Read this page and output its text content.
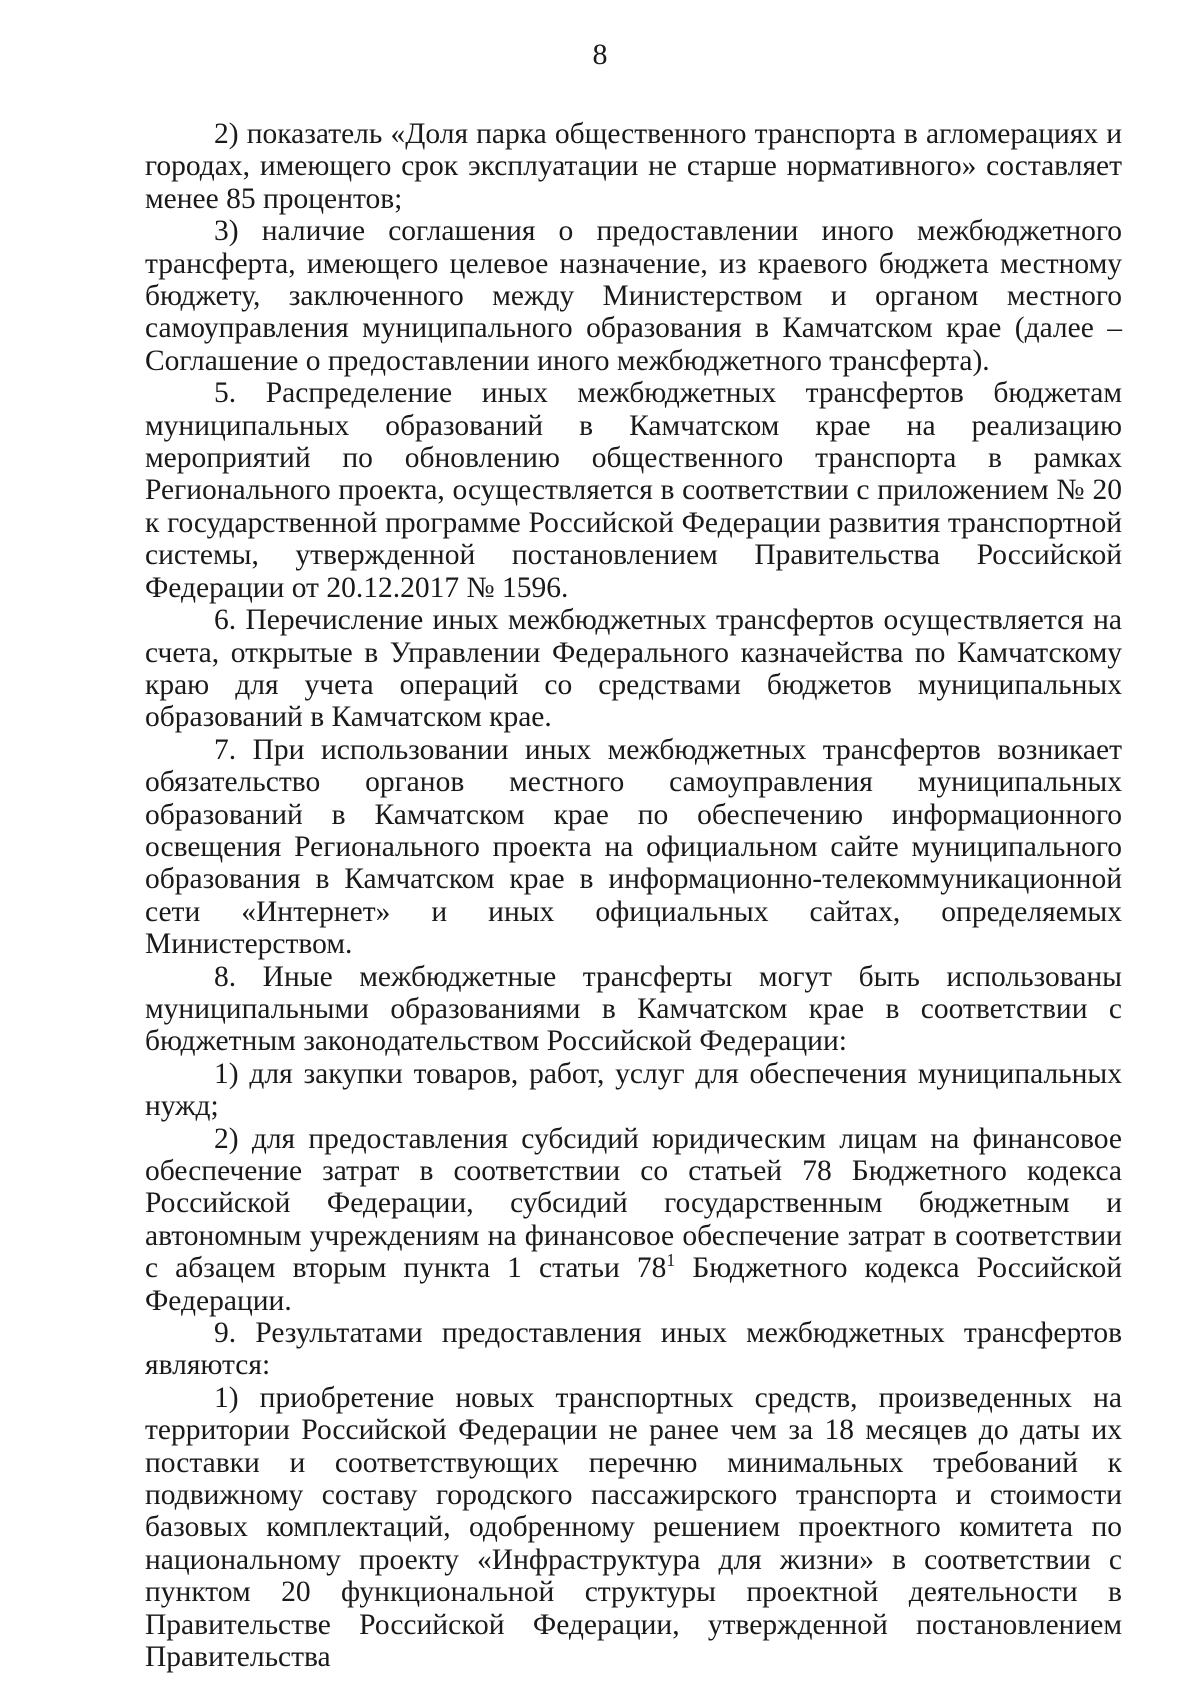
8

2) показатель «Доля парка общественного транспорта в агломерациях и городах, имеющего срок эксплуатации не старше нормативного» составляет менее 85 процентов;

3) наличие соглашения о предоставлении иного межбюджетного трансферта, имеющего целевое назначение, из краевого бюджета местному бюджету, заключенного между Министерством и органом местного самоуправления муниципального образования в Камчатском крае (далее – Соглашение о предоставлении иного межбюджетного трансферта).

5. Распределение иных межбюджетных трансфертов бюджетам муниципальных образований в Камчатском крае на реализацию мероприятий по обновлению общественного транспорта в рамках Регионального проекта, осуществляется в соответствии с приложением № 20 к государственной программе Российской Федерации развития транспортной системы, утвержденной постановлением Правительства Российской Федерации от 20.12.2017 № 1596.

6. Перечисление иных межбюджетных трансфертов осуществляется на счета, открытые в Управлении Федерального казначейства по Камчатскому краю для учета операций со средствами бюджетов муниципальных образований в Камчатском крае.

7. При использовании иных межбюджетных трансфертов возникает обязательство органов местного самоуправления муниципальных образований в Камчатском крае по обеспечению информационного освещения Регионального проекта на официальном сайте муниципального образования в Камчатском крае в информационно-телекоммуникационной сети «Интернет» и иных официальных сайтах, определяемых Министерством.

8. Иные межбюджетные трансферты могут быть использованы муниципальными образованиями в Камчатском крае в соответствии с бюджетным законодательством Российской Федерации:

1) для закупки товаров, работ, услуг для обеспечения муниципальных нужд;

2) для предоставления субсидий юридическим лицам на финансовое обеспечение затрат в соответствии со статьей 78 Бюджетного кодекса Российской Федерации, субсидий государственным бюджетным и автономным учреждениям на финансовое обеспечение затрат в соответствии с абзацем вторым пункта 1 статьи $78^1$ Бюджетного кодекса Российской Федерации.

9. Результатами предоставления иных межбюджетных трансфертов являются:

1) приобретение новых транспортных средств, произведенных на территории Российской Федерации не ранее чем за 18 месяцев до даты их поставки и соответствующих перечню минимальных требований к подвижному составу городского пассажирского транспорта и стоимости базовых комплектаций, одобренному решением проектного комитета по национальному проекту «Инфраструктура для жизни» в соответствии с пунктом 20 функциональной структуры проектной деятельности в Правительстве Российской Федерации, утвержденной постановлением Правительства
